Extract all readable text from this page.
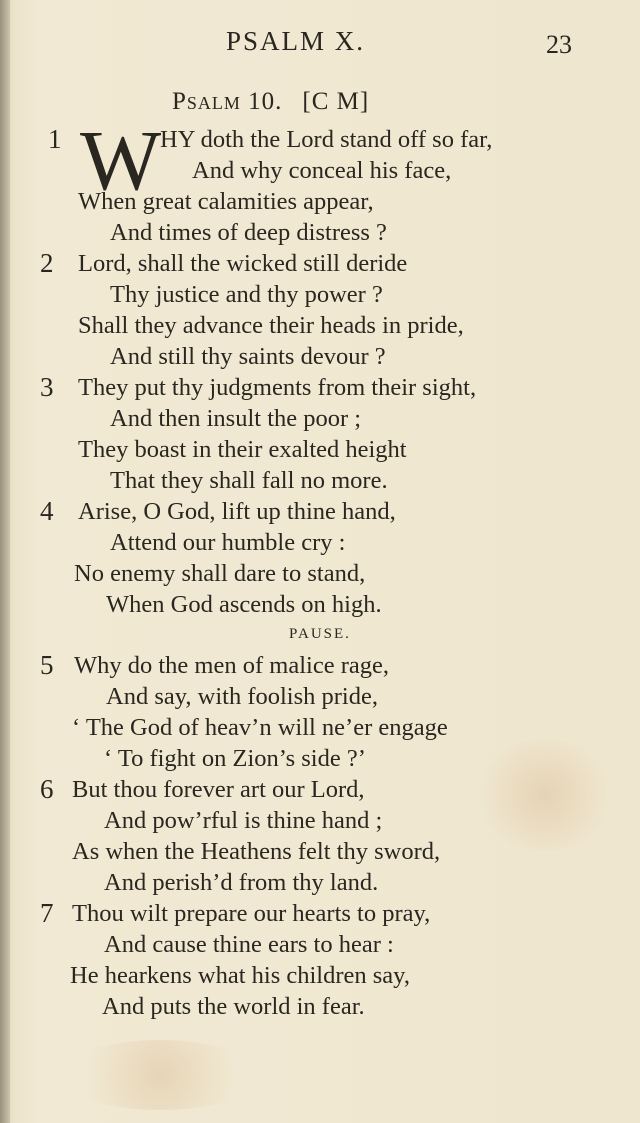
PSALM X.	23
Psalm 10. [C M]
1 W
HY doth the Lord stand off so far,
And why conceal his face,
When great calamities appear,
And times of deep distress ?
2 Lord, shall the wicked still deride
Thy justice and thy power ?
Shall they advance their heads in pride,
And still thy saints devour ?
3 They put thy judgments from their sight,
And then insult the poor ;
They boast in their exalted height
That they shall fall no more.
4 Arise, O God, lift up thine hand,
Attend our humble cry :
No enemy shall dare to stand,
When God ascends on high.
PAUSE.
5 Why do the men of malice rage,
And say, with foolish pride,
‘ The God of heav’n will ne’er engage
‘ To fight on Zion’s side ?’
6 But thou forever art our Lord,
And pow’rful is thine hand ;
As when the Heathens felt thy sword,
And perish’d from thy land.
7 Thou wilt prepare our hearts to pray,
And cause thine ears to hear :
He hearkens what his children say,
And puts the world in fear.
